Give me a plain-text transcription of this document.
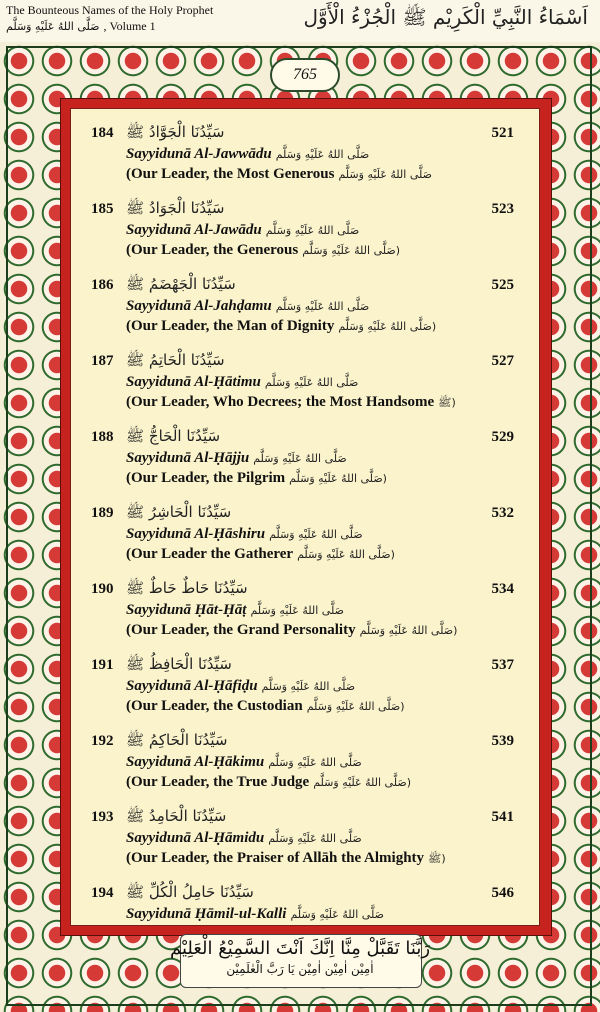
The Bounteous Names of the Holy Prophet
صَلَّى اللهُ عَلَيْهِ وَسَلَّم , Volume 1	اَسْمَاءُ النَّبِيِّ الْكَرِيْم ﷺ الْجُزْءُ الْأَوَّل
765
184 سَيِّدُنَا الْجَوَّادُ ﷺ	521
Sayyidunā Al-Jawwādu صَلَّى اللهُ عَلَيْهِ وَسَلَّم
(Our Leader, the Most Generous صَلَّى اللهُ عَلَيْهِ وَسَلَّم
185 سَيِّدُنَا الْجَوَادُ ﷺ	523
Sayyidunā Al-Jawādu صَلَّى اللهُ عَلَيْهِ وَسَلَّم
(Our Leader, the Generous صَلَّى اللهُ عَلَيْهِ وَسَلَّم)
186 سَيِّدُنَا الْجَهْضَمُ ﷺ	525
Sayyidunā Al-Jahḍamu صَلَّى اللهُ عَلَيْهِ وَسَلَّم
(Our Leader, the Man of Dignity صَلَّى اللهُ عَلَيْهِ وَسَلَّم)
187 سَيِّدُنَا الْحَاتِمُ ﷺ	527
Sayyidunā Al-Ḥātimu صَلَّى اللهُ عَلَيْهِ وَسَلَّم
(Our Leader, Who Decrees; the Most Handsome ﷺ)
188 سَيِّدُنَا الْحَاجُّ ﷺ	529
Sayyidunā Al-Ḥājju صَلَّى اللهُ عَلَيْهِ وَسَلَّم
(Our Leader, the Pilgrim صَلَّى اللهُ عَلَيْهِ وَسَلَّم)
189 سَيِّدُنَا الْحَاشِرُ ﷺ	532
Sayyidunā Al-Ḥāshiru صَلَّى اللهُ عَلَيْهِ وَسَلَّم
(Our Leader the Gatherer صَلَّى اللهُ عَلَيْهِ وَسَلَّم)
190 سَيِّدُنَا حَاطٌ حَاطٌ ﷺ	534
Sayyidunā Ḥāt-Ḥāṭ صَلَّى اللهُ عَلَيْهِ وَسَلَّم
(Our Leader, the Grand Personality صَلَّى اللهُ عَلَيْهِ وَسَلَّم)
191 سَيِّدُنَا الْحَافِظُ ﷺ	537
Sayyidunā Al-Ḥāfiḍu صَلَّى اللهُ عَلَيْهِ وَسَلَّم
(Our Leader, the Custodian صَلَّى اللهُ عَلَيْهِ وَسَلَّم)
192 سَيِّدُنَا الْحَاكِمُ ﷺ	539
Sayyidunā Al-Ḥākimu صَلَّى اللهُ عَلَيْهِ وَسَلَّم
(Our Leader, the True Judge صَلَّى اللهُ عَلَيْهِ وَسَلَّم)
193 سَيِّدُنَا الْحَامِدُ ﷺ	541
Sayyidunā Al-Ḥāmidu صَلَّى اللهُ عَلَيْهِ وَسَلَّم
(Our Leader, the Praiser of Allāh the Almighty ﷺ)
194 سَيِّدُنَا حَامِلُ الْكُلِّ ﷺ	546
Sayyidunā Ḥāmil-ul-Kalli صَلَّى اللهُ عَلَيْهِ وَسَلَّم
رَبَّنَا تَقَبَّلْ مِنَّا اِنَّكَ اَنْتَ السَّمِيْعُ الْعَلِيْم
اٰمِيْن اٰمِيْن اٰمِيْن يَا رَبَّ الْعٰلَمِيْن
